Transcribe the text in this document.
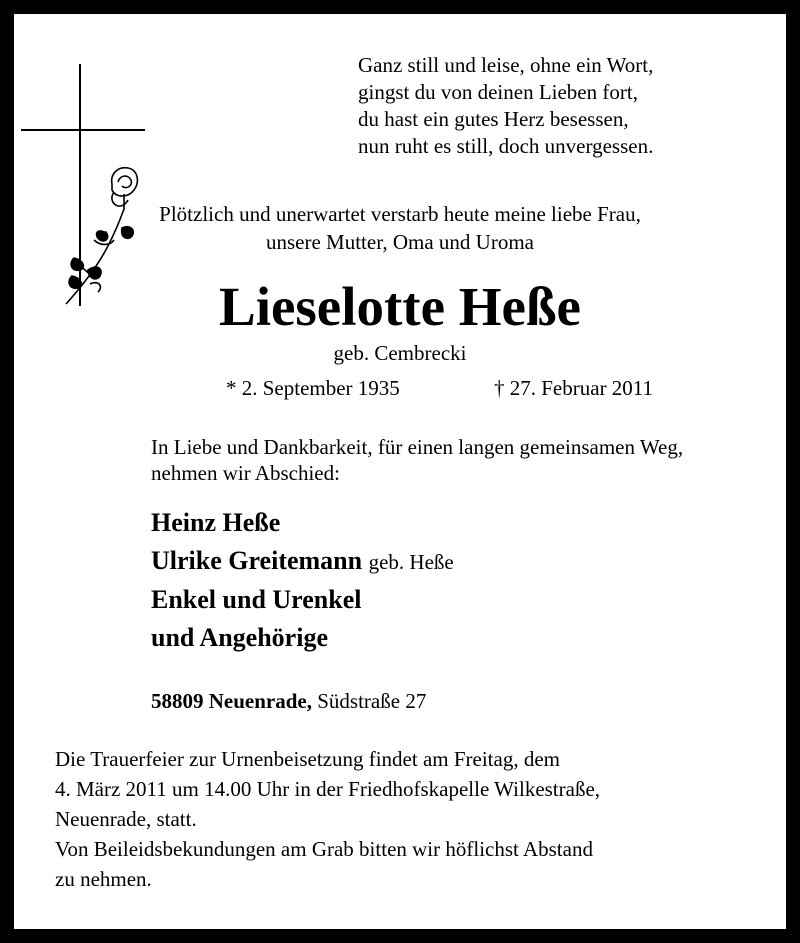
Ganz still und leise, ohne ein Wort,
gingst du von deinen Lieben fort,
du hast ein gutes Herz besessen,
nun ruht es still, doch unvergessen.
Plötzlich und unerwartet verstarb heute meine liebe Frau,
unsere Mutter, Oma und Uroma
Lieselotte Heße
geb. Cembrecki
* 2. September 1935	† 27. Februar 2011
In Liebe und Dankbarkeit, für einen langen gemeinsamen Weg, nehmen wir Abschied:
Heinz Heße
Ulrike Greitemann geb. Heße
Enkel und Urenkel
und Angehörige
58809 Neuenrade, Südstraße 27
Die Trauerfeier zur Urnenbeisetzung findet am Freitag, dem
4. März 2011 um 14.00 Uhr in der Friedhofskapelle Wilkestraße,
Neuenrade, statt.
Von Beileidsbekundungen am Grab bitten wir höflichst Abstand
zu nehmen.
